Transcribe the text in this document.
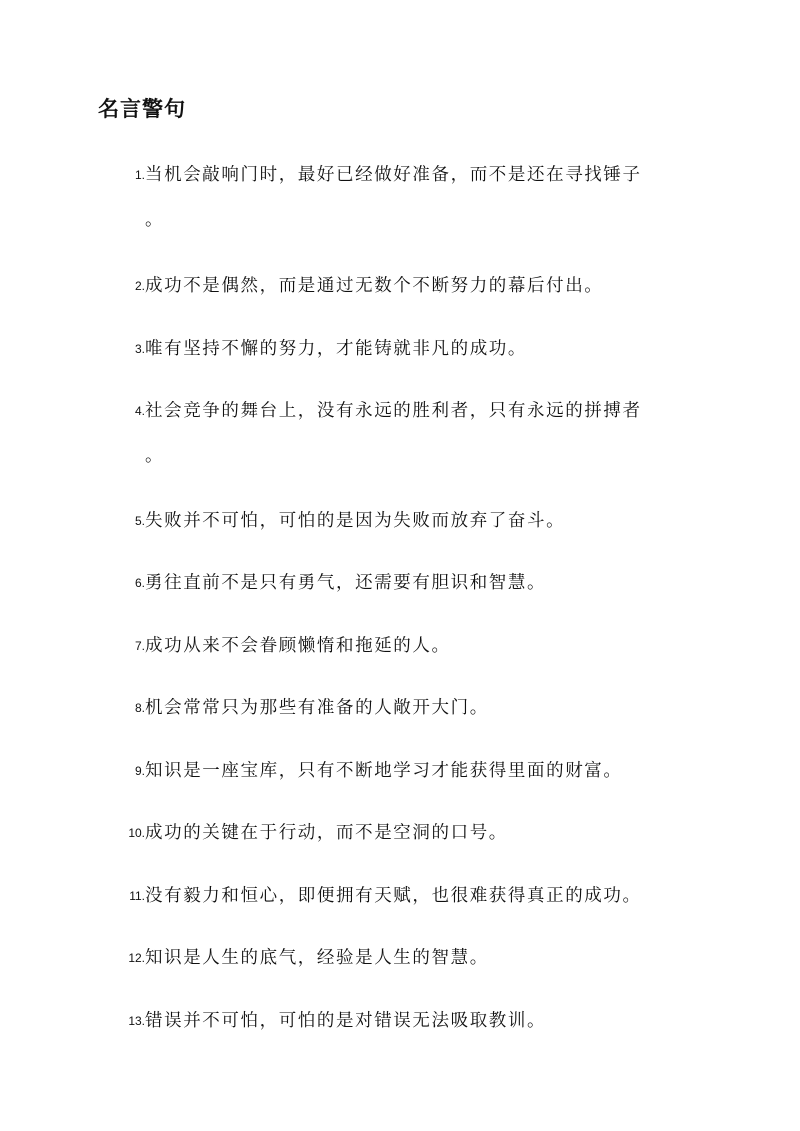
名言警句
1. 当机会敲响门时，最好已经做好准备，而不是还在寻找锤子
。
2. 成功不是偶然，而是通过无数个不断努力的幕后付出。
3. 唯有坚持不懈的努力，才能铸就非凡的成功。
4. 社会竞争的舞台上，没有永远的胜利者，只有永远的拼搏者
。
5. 失败并不可怕，可怕的是因为失败而放弃了奋斗。
6. 勇往直前不是只有勇气，还需要有胆识和智慧。
7. 成功从来不会眷顾懒惰和拖延的人。
8. 机会常常只为那些有准备的人敞开大门。
9. 知识是一座宝库，只有不断地学习才能获得里面的财富。
10. 成功的关键在于行动，而不是空洞的口号。
11. 没有毅力和恒心，即便拥有天赋，也很难获得真正的成功。
12. 知识是人生的底气，经验是人生的智慧。
13. 错误并不可怕，可怕的是对错误无法吸取教训。
